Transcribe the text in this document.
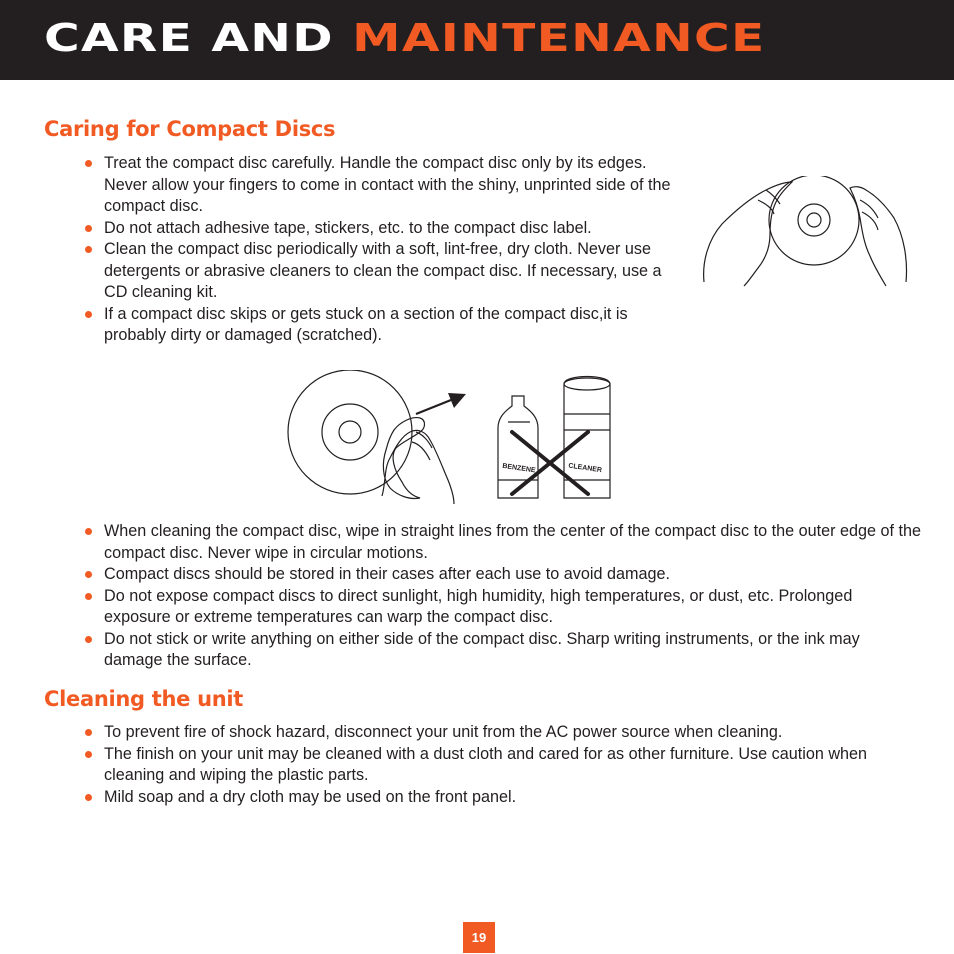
CARE AND MAINTENANCE
Caring for Compact Discs
Treat the compact disc carefully. Handle the compact disc only by its edges. Never allow your fingers to come in contact with the shiny, unprinted side of the compact disc.
Do not attach adhesive tape, stickers, etc. to the compact disc label.
Clean the compact disc periodically with a soft, lint-free, dry cloth. Never use detergents or abrasive cleaners to clean the compact disc. If necessary, use a CD cleaning kit.
If a compact disc skips or gets stuck on a section of the compact disc,it is probably dirty or damaged (scratched).
BENZENE	CLEANER
When cleaning the compact disc, wipe in straight lines from the center of the compact disc to the outer edge of the compact disc. Never wipe in circular motions.
Compact discs should be stored in their cases after each use to avoid damage.
Do not expose compact discs to direct sunlight, high humidity, high temperatures, or dust, etc. Prolonged exposure or extreme temperatures can warp the compact disc.
Do not stick or write anything on either side of the compact disc. Sharp writing instruments, or the ink may damage the surface.
Cleaning the unit
To prevent fire of shock hazard, disconnect your unit from the AC power source when cleaning.
The finish on your unit may be cleaned with a dust cloth and cared for as other furniture. Use caution when cleaning and wiping the plastic parts.
Mild soap and a dry cloth may be used on the front panel.
19
